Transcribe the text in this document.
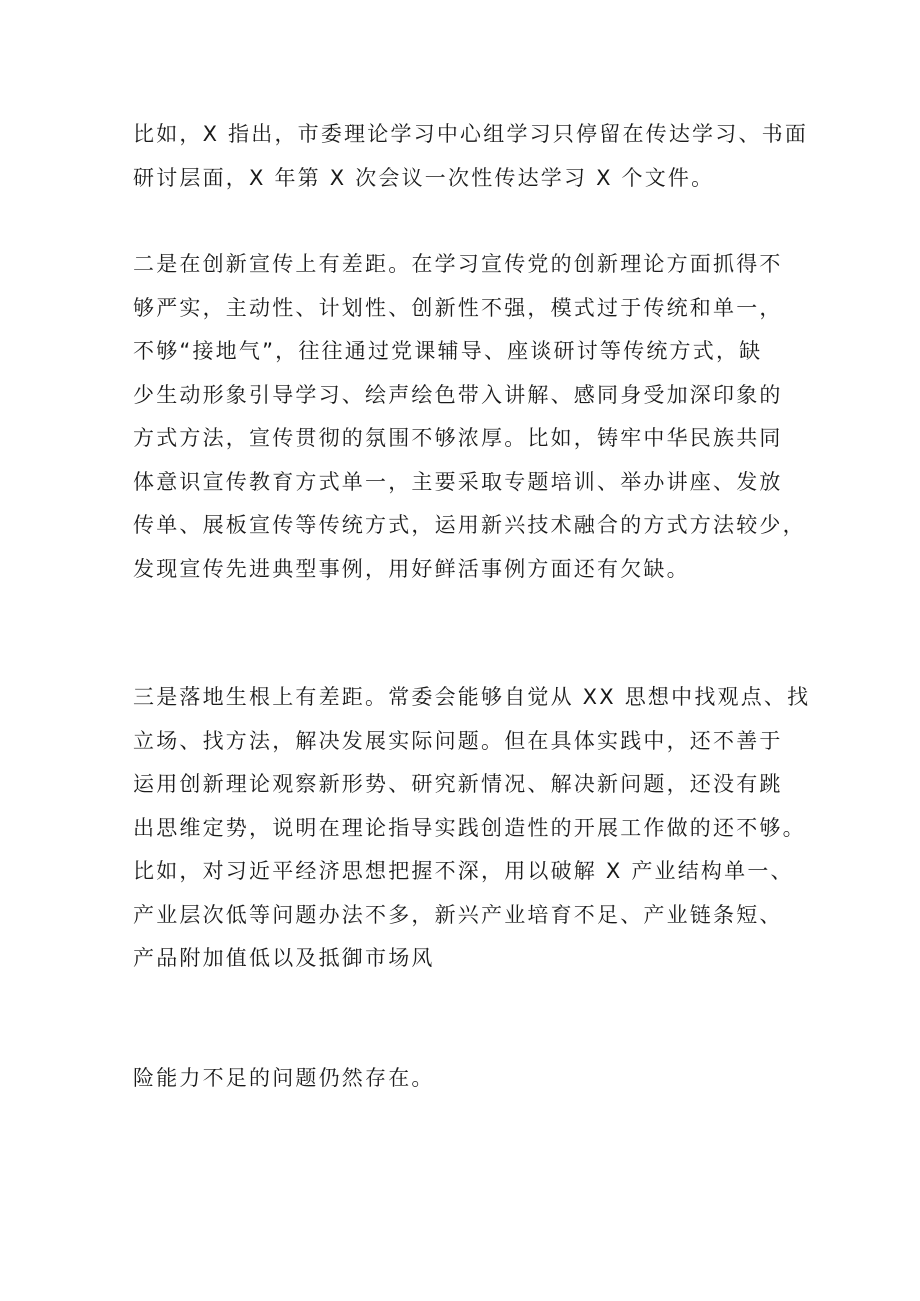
比如，X 指出，市委理论学习中心组学习只停留在传达学习、书面
研讨层面，X 年第 X 次会议一次性传达学习 X 个文件。

二是在创新宣传上有差距。在学习宣传党的创新理论方面抓得不
够严实，主动性、计划性、创新性不强，模式过于传统和单一，
不够“接地气”，往往通过党课辅导、座谈研讨等传统方式，缺
少生动形象引导学习、绘声绘色带入讲解、感同身受加深印象的
方式方法，宣传贯彻的氛围不够浓厚。比如，铸牢中华民族共同
体意识宣传教育方式单一，主要采取专题培训、举办讲座、发放
传单、展板宣传等传统方式，运用新兴技术融合的方式方法较少，
发现宣传先进典型事例，用好鲜活事例方面还有欠缺。

三是落地生根上有差距。常委会能够自觉从 XX 思想中找观点、找
立场、找方法，解决发展实际问题。但在具体实践中，还不善于
运用创新理论观察新形势、研究新情况、解决新问题，还没有跳
出思维定势，说明在理论指导实践创造性的开展工作做的还不够。
比如，对习近平经济思想把握不深，用以破解 X 产业结构单一、
产业层次低等问题办法不多，新兴产业培育不足、产业链条短、
产品附加值低以及抵御市场风

险能力不足的问题仍然存在。
